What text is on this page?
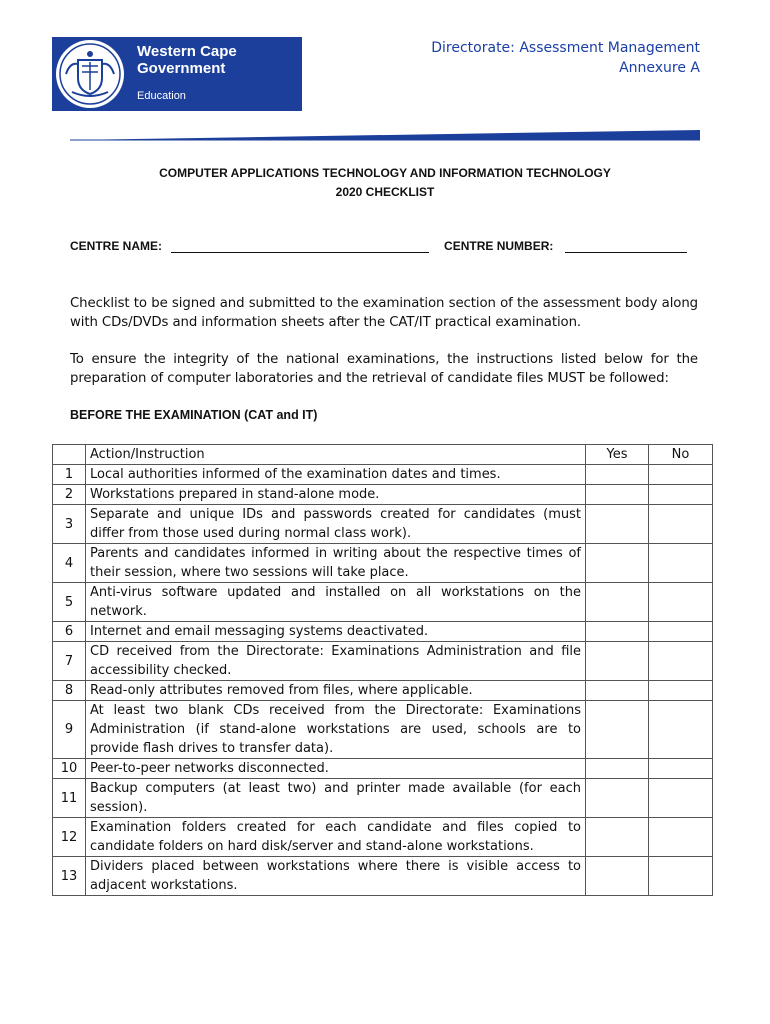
Western Cape
Government
Education
Directorate: Assessment Management
Annexure A
COMPUTER APPLICATIONS TECHNOLOGY AND INFORMATION TECHNOLOGY
2020 CHECKLIST
CENTRE NAME:	CENTRE NUMBER:
Checklist to be signed and submitted to the examination section of the assessment body along with CDs/DVDs and information sheets after the CAT/IT practical examination.
To ensure the integrity of the national examinations, the instructions listed below for the preparation of computer laboratories and the retrieval of candidate files MUST be followed:
BEFORE THE EXAMINATION (CAT and IT)
	Action/Instruction	Yes	No
1	Local authorities informed of the examination dates and times.		
2	Workstations prepared in stand-alone mode.		
3	Separate and unique IDs and passwords created for candidates (must differ from those used during normal class work).		
4	Parents and candidates informed in writing about the respective times of their session, where two sessions will take place.		
5	Anti-virus software updated and installed on all workstations on the network.		
6	Internet and email messaging systems deactivated.		
7	CD received from the Directorate: Examinations Administration and file accessibility checked.		
8	Read-only attributes removed from files, where applicable.		
9	At least two blank CDs received from the Directorate: Examinations Administration (if stand-alone workstations are used, schools are to provide flash drives to transfer data).		
10	Peer-to-peer networks disconnected.		
11	Backup computers (at least two) and printer made available (for each session).		
12	Examination folders created for each candidate and files copied to candidate folders on hard disk/server and stand-alone workstations.		
13	Dividers placed between workstations where there is visible access to adjacent workstations.		
